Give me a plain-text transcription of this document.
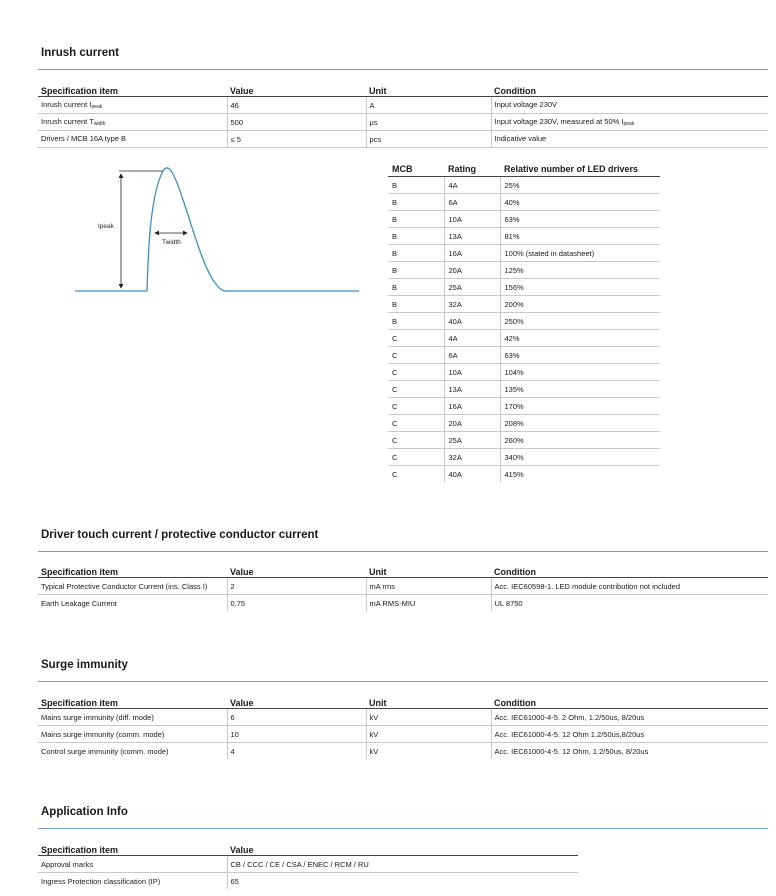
Inrush current
Specification item	Value	Unit	Condition
Inrush current $I_{peak}$	46	A	Input voltage 230V
Inrush current $T_{width}$	500	µs	Input voltage 230V, measured at 50% $I_{peak}$
Drivers / MCB 16A type B	≤ 5	pcs	Indicative value
Ipeak
Twidth
MCB	Rating	Relative number of LED drivers
B	4A	25%
B	6A	40%
B	10A	63%
B	13A	81%
B	16A	100% (stated in datasheet)
B	20A	125%
B	25A	156%
B	32A	200%
B	40A	250%
C	4A	42%
C	6A	63%
C	10A	104%
C	13A	135%
C	16A	170%
C	20A	208%
C	25A	260%
C	32A	340%
C	40A	415%
Driver touch current / protective conductor current
Specification item	Value	Unit	Condition
Typical Protective Conductor Current (ins. Class I)	2	mA rms	Acc. IEC60598-1. LED module contribution not included
Earth Leakage Current	0.75	mA RMS-MIU	UL 8750
Surge immunity
Specification item	Value	Unit	Condition
Mains surge immunity (diff. mode)	6	kV	Acc. IEC61000-4-5. 2 Ohm, 1.2/50us, 8/20us
Mains surge immunity (comm. mode)	10	kV	Acc. IEC61000-4-5. 12 Ohm 1.2/50us,8/20us
Control surge immunity (comm. mode)	4	kV	Acc. IEC61000-4-5. 12 Ohm, 1.2/50us, 8/20us
Application Info
Specification item	Value
Approval marks	CB / CCC / CE / CSA / ENEC / RCM / RU
Ingress Protection classification (IP)	65
